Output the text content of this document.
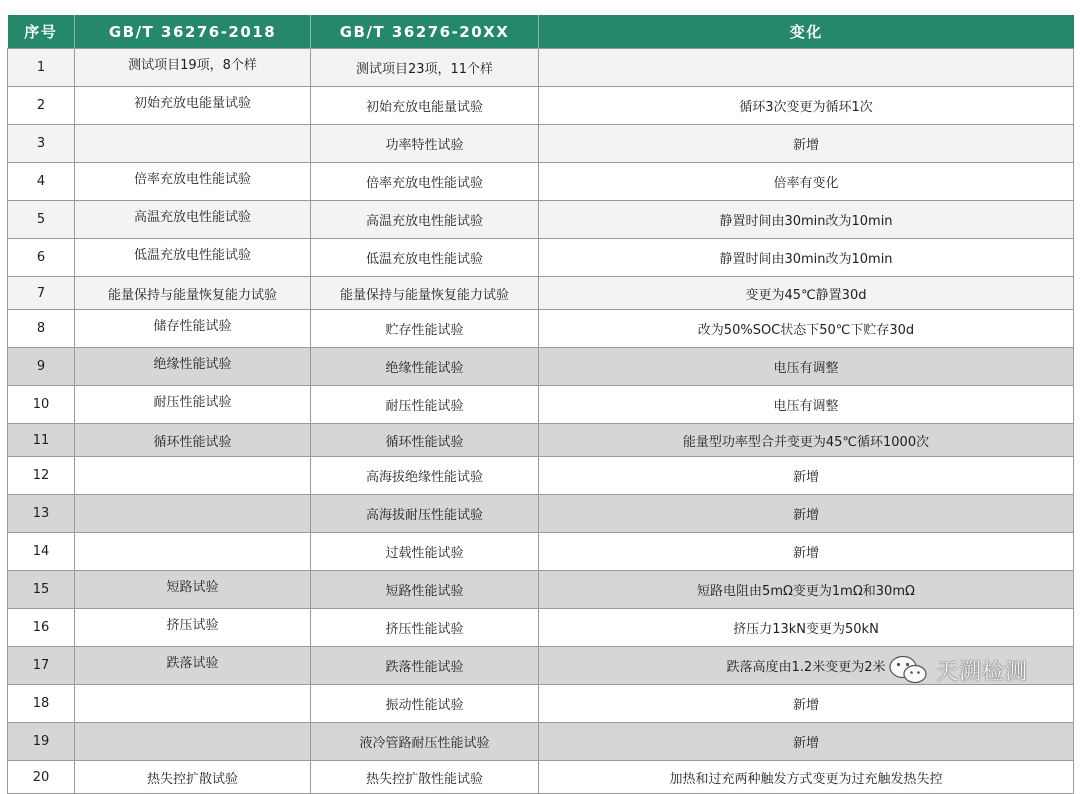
序号	GB/T 36276-2018	GB/T 36276-20XX	变化
1	测试项目19项，8个样	测试项目23项，11个样	
2	初始充放电能量试验	初始充放电能量试验	循环3次变更为循环1次
3		功率特性试验	新增
4	倍率充放电性能试验	倍率充放电性能试验	倍率有变化
5	高温充放电性能试验	高温充放电性能试验	静置时间由30min改为10min
6	低温充放电性能试验	低温充放电性能试验	静置时间由30min改为10min
7	能量保持与能量恢复能力试验	能量保持与能量恢复能力试验	变更为45℃静置30d
8	储存性能试验	贮存性能试验	改为50%SOC状态下50℃下贮存30d
9	绝缘性能试验	绝缘性能试验	电压有调整
10	耐压性能试验	耐压性能试验	电压有调整
11	循环性能试验	循环性能试验	能量型功率型合并变更为45℃循环1000次
12		高海拔绝缘性能试验	新增
13		高海拔耐压性能试验	新增
14		过载性能试验	新增
15	短路试验	短路性能试验	短路电阻由5mΩ变更为1mΩ和30mΩ
16	挤压试验	挤压性能试验	挤压力13kN变更为50kN
17	跌落试验	跌落性能试验	跌落高度由1.2米变更为2米
18		振动性能试验	新增
19		液冷管路耐压性能试验	新增
20	热失控扩散试验	热失控扩散性能试验	加热和过充两种触发方式变更为过充触发热失控
天溯检测
